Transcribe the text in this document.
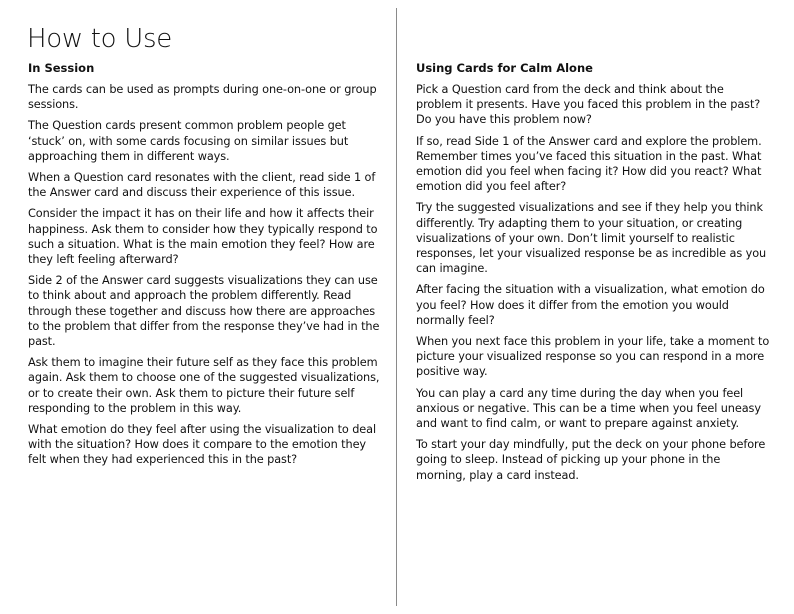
How to Use
In Session

The cards can be used as prompts during one-on-one or group sessions.

The Question cards present common problem people get ‘stuck’ on, with some cards focusing on similar issues but approaching them in different ways.

When a Question card resonates with the client, read side 1 of the Answer card and discuss their experience of this issue.

Consider the impact it has on their life and how it affects their happiness. Ask them to consider how they typically respond to such a situation. What is the main emotion they feel? How are they left feeling afterward?

Side 2 of the Answer card suggests visualizations they can use to think about and approach the problem differently. Read through these together and discuss how there are approaches to the problem that differ from the response they’ve had in the past.

Ask them to imagine their future self as they face this problem again. Ask them to choose one of the suggested visualizations, or to create their own. Ask them to picture their future self responding to the problem in this way.

What emotion do they feel after using the visualization to deal with the situation? How does it compare to the emotion they felt when they had experienced this in the past?

Using Cards for Calm Alone

Pick a Question card from the deck and think about the problem it presents. Have you faced this problem in the past? Do you have this problem now?

If so, read Side 1 of the Answer card and explore the problem. Remember times you’ve faced this situation in the past. What emotion did you feel when facing it? How did you react? What emotion did you feel after?

Try the suggested visualizations and see if they help you think differently. Try adapting them to your situation, or creating visualizations of your own. Don’t limit yourself to realistic responses, let your visualized response be as incredible as you can imagine.

After facing the situation with a visualization, what emotion do you feel? How does it differ from the emotion you would normally feel?

When you next face this problem in your life, take a moment to picture your visualized response so you can respond in a more positive way.

You can play a card any time during the day when you feel anxious or negative. This can be a time when you feel uneasy and want to find calm, or want to prepare against anxiety.

To start your day mindfully, put the deck on your phone before going to sleep. Instead of picking up your phone in the morning, play a card instead.
